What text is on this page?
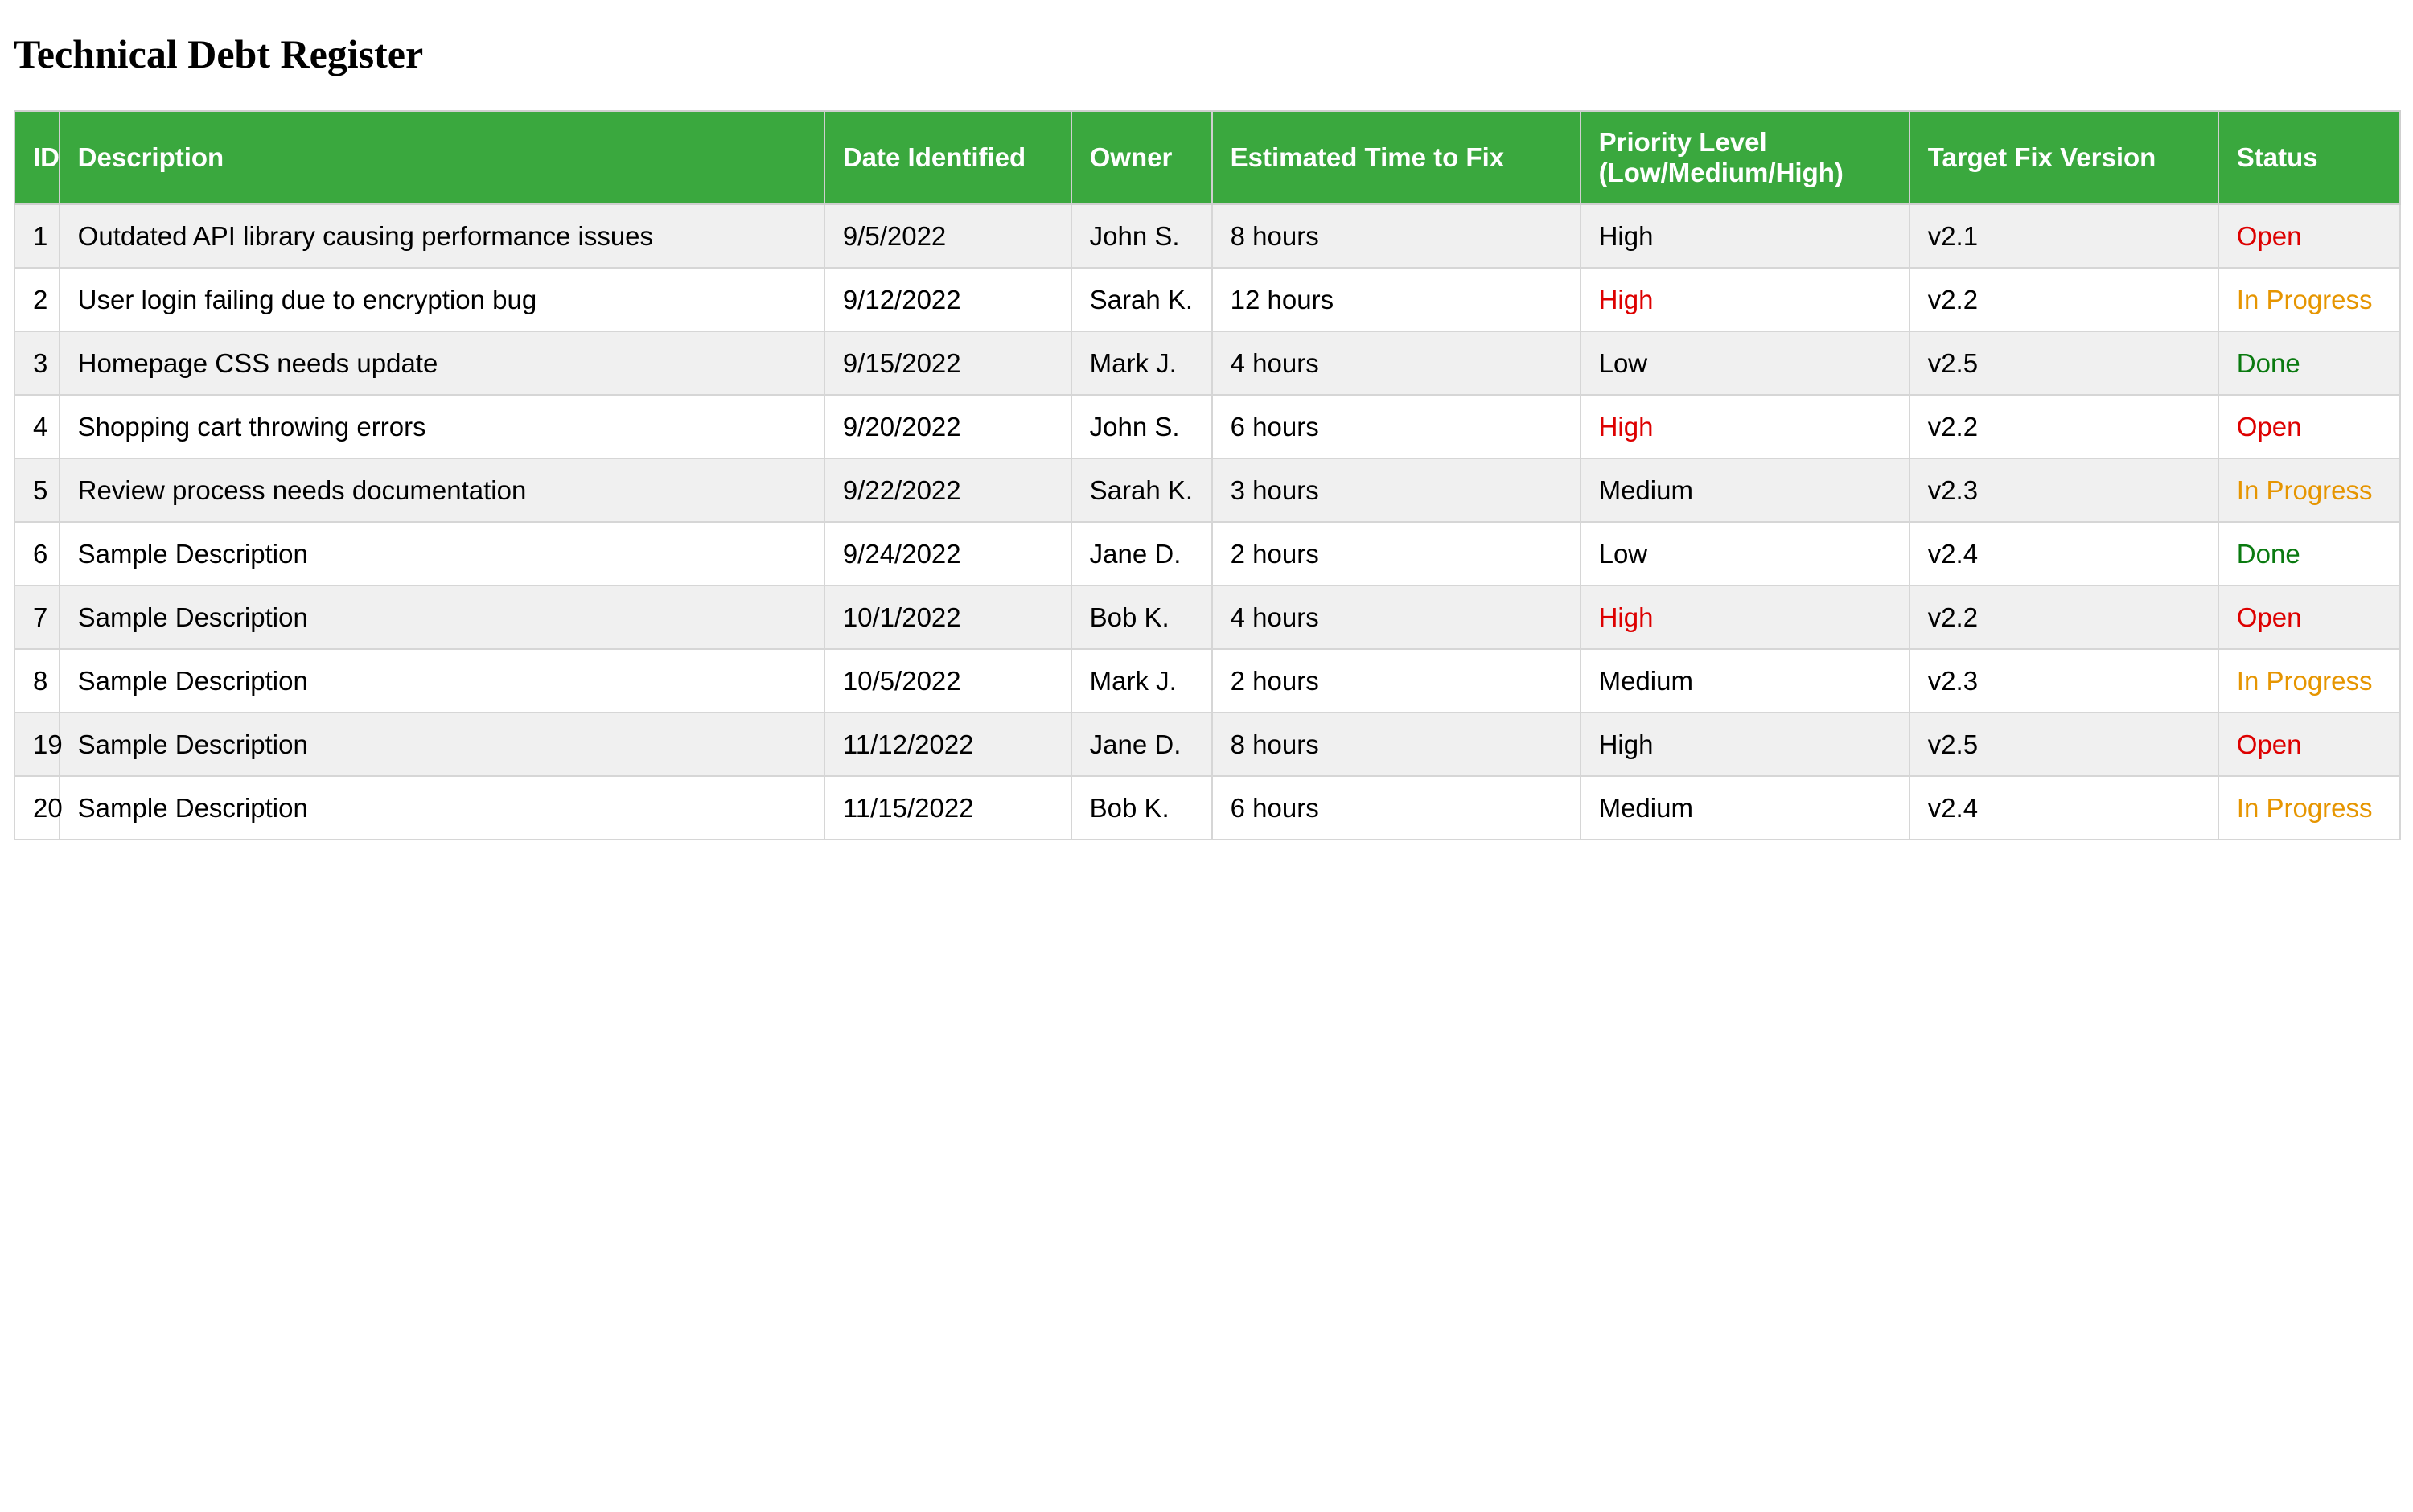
Technical Debt Register
ID	Description	Date Identified	Owner	Estimated Time to Fix	Priority Level (Low/Medium/High)	Target Fix Version	Status
1	Outdated API library causing performance issues	9/5/2022	John S.	8 hours	High	v2.1	Open
2	User login failing due to encryption bug	9/12/2022	Sarah K.	12 hours	High	v2.2	In Progress
3	Homepage CSS needs update	9/15/2022	Mark J.	4 hours	Low	v2.5	Done
4	Shopping cart throwing errors	9/20/2022	John S.	6 hours	High	v2.2	Open
5	Review process needs documentation	9/22/2022	Sarah K.	3 hours	Medium	v2.3	In Progress
6	Sample Description	9/24/2022	Jane D.	2 hours	Low	v2.4	Done
7	Sample Description	10/1/2022	Bob K.	4 hours	High	v2.2	Open
8	Sample Description	10/5/2022	Mark J.	2 hours	Medium	v2.3	In Progress
19	Sample Description	11/12/2022	Jane D.	8 hours	High	v2.5	Open
20	Sample Description	11/15/2022	Bob K.	6 hours	Medium	v2.4	In Progress
